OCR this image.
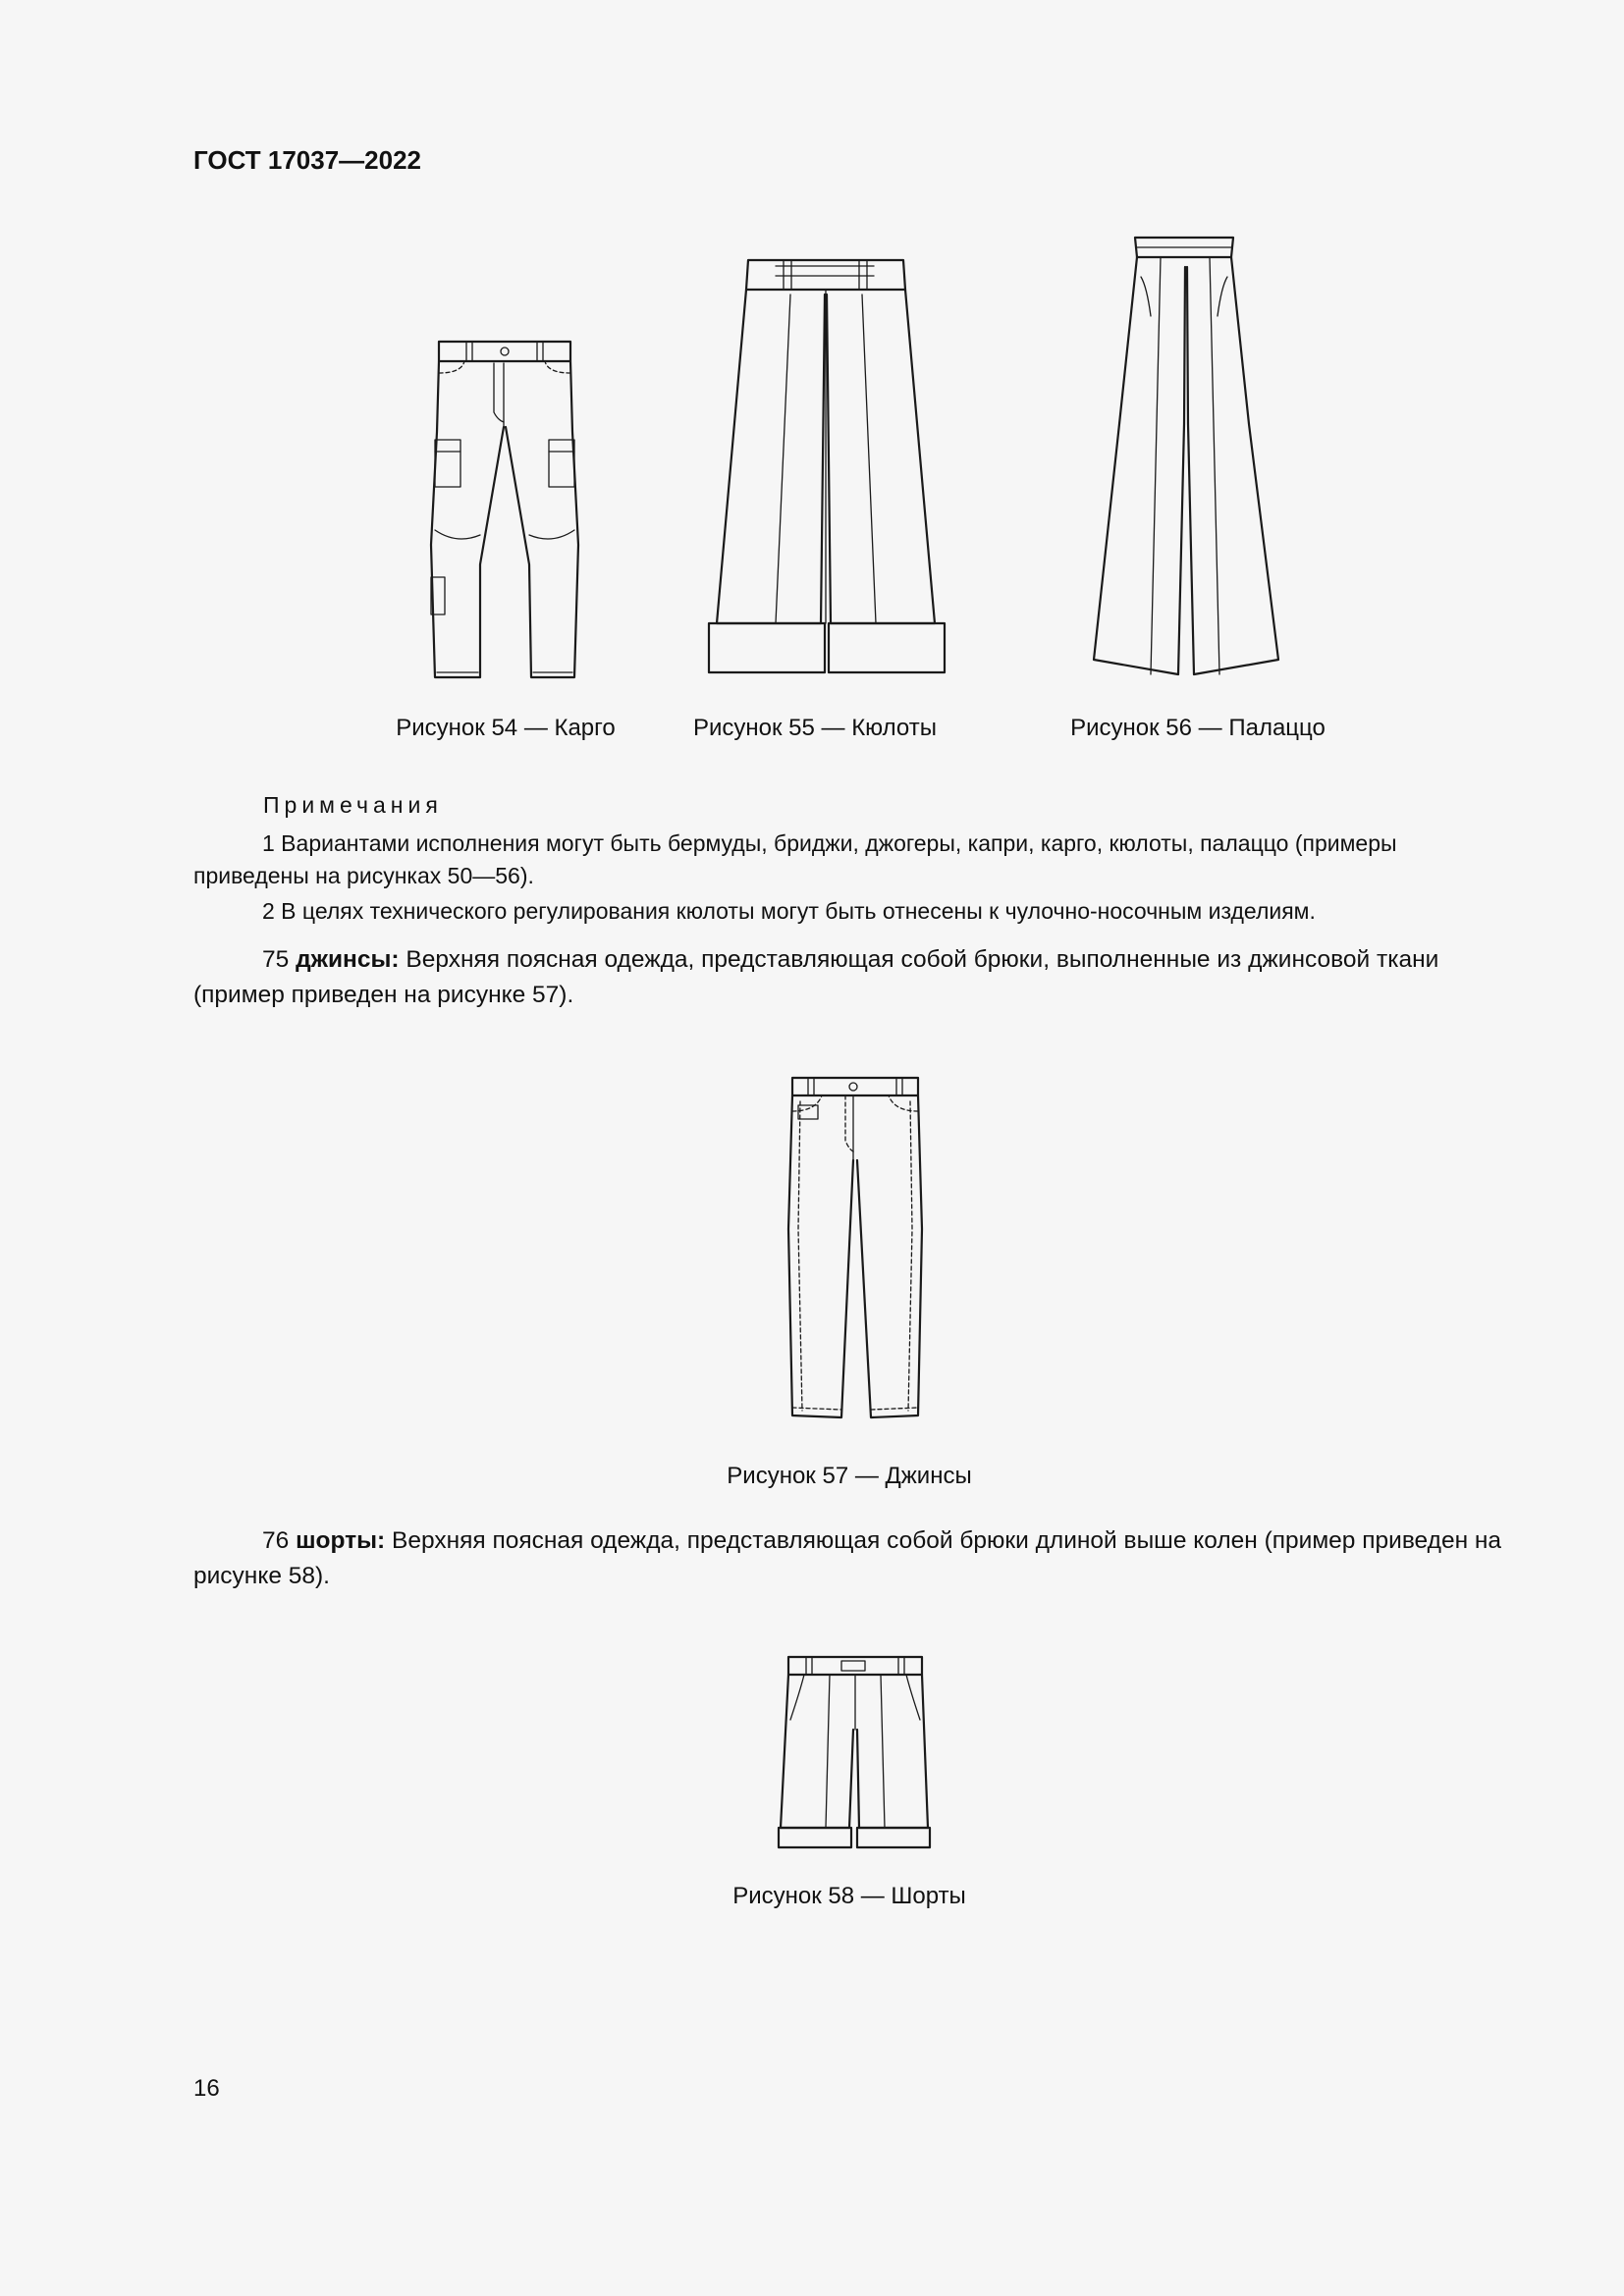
ГОСТ 17037—2022
Рисунок 54 — Карго	Рисунок 55 — Кюлоты	Рисунок 56 — Палаццо
Примечания
1 Вариантами исполнения могут быть бермуды, бриджи, джогеры, капри, карго, кюлоты, палаццо (примеры приведены на рисунках 50—56).
2 В целях технического регулирования кюлоты могут быть отнесены к чулочно-носочным изделиям.
75 джинсы: Верхняя поясная одежда, представляющая собой брюки, выполненные из джинсовой ткани (пример приведен на рисунке 57).
Рисунок 57 — Джинсы
76 шорты: Верхняя поясная одежда, представляющая собой брюки длиной выше колен (пример приведен на рисунке 58).
Рисунок 58 — Шорты
16
